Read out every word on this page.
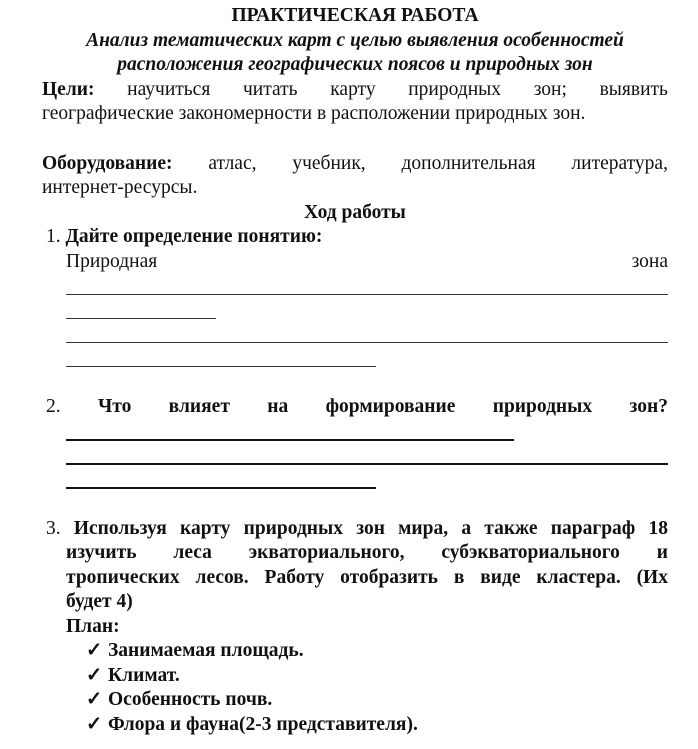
ПРАКТИЧЕСКАЯ РАБОТА
Анализ тематических карт с целью выявления особенностей
расположения географических поясов и природных зон
Цели: научиться читать карту природных зон; выявить
географические закономерности в расположении природных зон.
Оборудование: атлас, учебник, дополнительная литература,
интернет-ресурсы.
Ход работы
1. Дайте определение понятию:
Природная	зона
2. Что влияет на формирование природных зон?
3. Используя карту природных зон мира, а также параграф 18
изучить леса экваториального, субэкваториального и
тропических лесов. Работу отобразить в виде кластера. (Их
будет 4)
План:
✓ Занимаемая площадь.
✓ Климат.
✓ Особенность почв.
✓ Флора и фауна(2-3 представителя).
